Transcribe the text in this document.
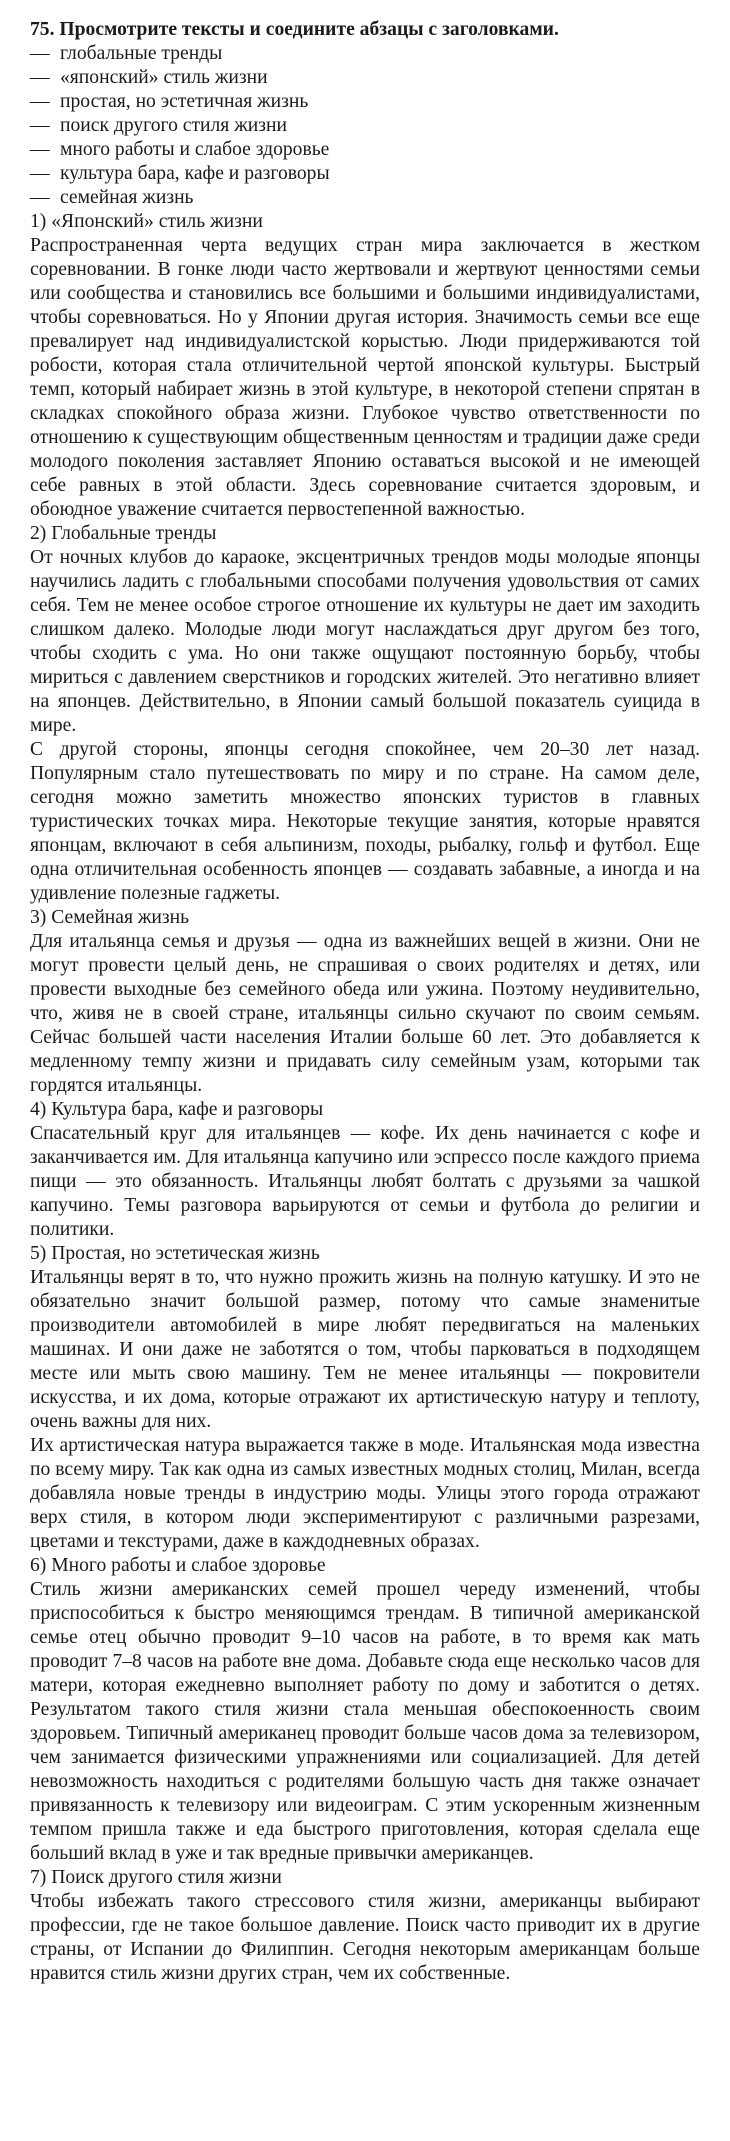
75. Просмотрите тексты и соедините абзацы с заголовками.

— глобальные тренды
— «японский» стиль жизни
— простая, но эстетичная жизнь
— поиск другого стиля жизни
— много работы и слабое здоровье
— культура бара, кафе и разговоры
— семейная жизнь

1) «Японский» стиль жизни

Распространенная черта ведущих стран мира заключается в жестком соревновании. В гонке люди часто жертвовали и жертвуют ценностями семьи или сообщества и становились все большими и большими индивидуалистами, чтобы соревноваться. Но у Японии другая история. Значимость семьи все еще превалирует над индивидуалистской корыстью. Люди придерживаются той робости, которая стала отличительной чертой японской культуры. Быстрый темп, который набирает жизнь в этой культуре, в некоторой степени спрятан в складках спокойного образа жизни. Глубокое чувство ответственности по отношению к существующим общественным ценностям и традиции даже среди молодого поколения заставляет Японию оставаться высокой и не имеющей себе равных в этой области. Здесь соревнование считается здоровым, и обоюдное уважение считается первостепенной важностью.

2) Глобальные тренды

От ночных клубов до караоке, эксцентричных трендов моды молодые японцы научились ладить с глобальными способами получения удовольствия от самих себя. Тем не менее особое строгое отношение их культуры не дает им заходить слишком далеко. Молодые люди могут наслаждаться друг другом без того, чтобы сходить с ума. Но они также ощущают постоянную борьбу, чтобы мириться с давлением сверстников и городских жителей. Это негативно влияет на японцев. Действительно, в Японии самый большой показатель суицида в мире.

С другой стороны, японцы сегодня спокойнее, чем 20–30 лет назад. Популярным стало путешествовать по миру и по стране. На самом деле, сегодня можно заметить множество японских туристов в главных туристических точках мира. Некоторые текущие занятия, которые нравятся японцам, включают в себя альпинизм, походы, рыбалку, гольф и футбол. Еще одна отличительная особенность японцев — создавать забавные, а иногда и на удивление полезные гаджеты.

3) Семейная жизнь

Для итальянца семья и друзья — одна из важнейших вещей в жизни. Они не могут провести целый день, не спрашивая о своих родителях и детях, или провести выходные без семейного обеда или ужина. Поэтому неудивительно, что, живя не в своей стране, итальянцы сильно скучают по своим семьям. Сейчас большей части населения Италии больше 60 лет. Это добавляется к медленному темпу жизни и придавать силу семейным узам, которыми так гордятся итальянцы.

4) Культура бара, кафе и разговоры

Спасательный круг для итальянцев — кофе. Их день начинается с кофе и заканчивается им. Для итальянца капучино или эспрессо после каждого приема пищи — это обязанность. Итальянцы любят болтать с друзьями за чашкой капучино. Темы разговора варьируются от семьи и футбола до религии и политики.

5) Простая, но эстетическая жизнь

Итальянцы верят в то, что нужно прожить жизнь на полную катушку. И это не обязательно значит большой размер, потому что самые знаменитые производители автомобилей в мире любят передвигаться на маленьких машинах. И они даже не заботятся о том, чтобы парковаться в подходящем месте или мыть свою машину. Тем не менее итальянцы — покровители искусства, и их дома, которые отражают их артистическую натуру и теплоту, очень важны для них.

Их артистическая натура выражается также в моде. Итальянская мода известна по всему миру. Так как одна из самых известных модных столиц, Милан, всегда добавляла новые тренды в индустрию моды. Улицы этого города отражают верх стиля, в котором люди экспериментируют с различными разрезами, цветами и текстурами, даже в каждодневных образах.

6) Много работы и слабое здоровье

Стиль жизни американских семей прошел череду изменений, чтобы приспособиться к быстро меняющимся трендам. В типичной американской семье отец обычно проводит 9–10 часов на работе, в то время как мать проводит 7–8 часов на работе вне дома. Добавьте сюда еще несколько часов для матери, которая ежедневно выполняет работу по дому и заботится о детях. Результатом такого стиля жизни стала меньшая обеспокоенность своим здоровьем. Типичный американец проводит больше часов дома за телевизором, чем занимается физическими упражнениями или социализацией. Для детей невозможность находиться с родителями большую часть дня также означает привязанность к телевизору или видеоиграм. С этим ускоренным жизненным темпом пришла также и еда быстрого приготовления, которая сделала еще больший вклад в уже и так вредные привычки американцев.

7) Поиск другого стиля жизни

Чтобы избежать такого стрессового стиля жизни, американцы выбирают профессии, где не такое большое давление. Поиск часто приводит их в другие страны, от Испании до Филиппин. Сегодня некоторым американцам больше нравится стиль жизни других стран, чем их собственные.
